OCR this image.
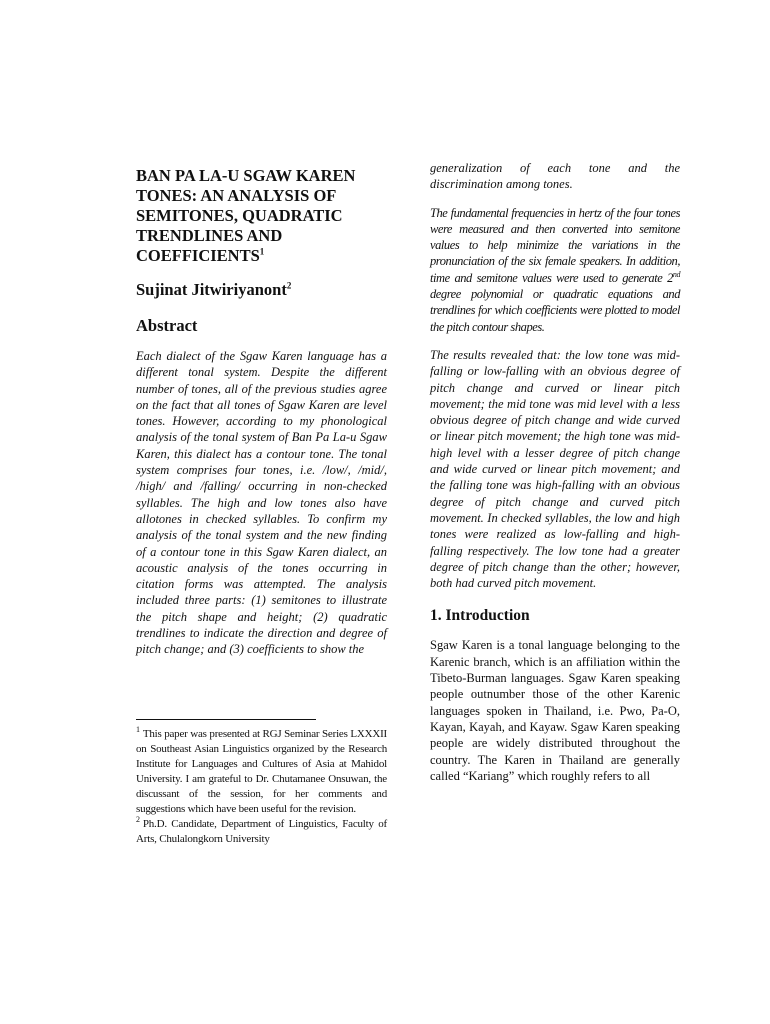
BAN PA LA-U SGAW KAREN
TONES: AN ANALYSIS OF
SEMITONES, QUADRATIC
TRENDLINES AND
COEFFICIENTS$^1$
Sujinat Jitwiriyanont$^2$
Abstract

Each dialect of the Sgaw Karen language has a different tonal system. Despite the different number of tones, all of the previous studies agree on the fact that all tones of Sgaw Karen are level tones. However, according to my phonological analysis of the tonal system of Ban Pa La-u Sgaw Karen, this dialect has a contour tone. The tonal system comprises four tones, i.e. /low/, /mid/, /high/ and /falling/ occurring in non-checked syllables. The high and low tones also have allotones in checked syllables. To confirm my analysis of the tonal system and the new finding of a contour tone in this Sgaw Karen dialect, an acoustic analysis of the tones occurring in citation forms was attempted. The analysis included three parts: (1) semitones to illustrate the pitch shape and height; (2) quadratic trendlines to indicate the direction and degree of pitch change; and (3) coefficients to show the

$^1$ This paper was presented at RGJ Seminar Series LXXXII on Southeast Asian Linguistics organized by the Research Institute for Languages and Cultures of Asia at Mahidol University. I am grateful to Dr. Chutamanee Onsuwan, the discussant of the session, for her comments and suggestions which have been useful for the revision.

$^2$ Ph.D. Candidate, Department of Linguistics, Faculty of Arts, Chulalongkorn University

generalization of each tone and the discrimination among tones.

The fundamental frequencies in hertz of the four tones were measured and then converted into semitone values to help minimize the variations in the pronunciation of the six female speakers. In addition, time and semitone values were used to generate 2nd degree polynomial or quadratic equations and trendlines for which coefficients were plotted to model the pitch contour shapes.

The results revealed that: the low tone was mid-falling or low-falling with an obvious degree of pitch change and curved or linear pitch movement; the mid tone was mid level with a less obvious degree of pitch change and wide curved or linear pitch movement; the high tone was mid-high level with a lesser degree of pitch change and wide curved or linear pitch movement; and the falling tone was high-falling with an obvious degree of pitch change and curved pitch movement. In checked syllables, the low and high tones were realized as low-falling and high-falling respectively. The low tone had a greater degree of pitch change than the other; however, both had curved pitch movement.

1. Introduction

Sgaw Karen is a tonal language belonging to the Karenic branch, which is an affiliation within the Tibeto-Burman languages. Sgaw Karen speaking people outnumber those of the other Karenic languages spoken in Thailand, i.e. Pwo, Pa-O, Kayan, Kayah, and Kayaw. Sgaw Karen speaking people are widely distributed throughout the country. The Karen in Thailand are generally called “Kariang” which roughly refers to all
